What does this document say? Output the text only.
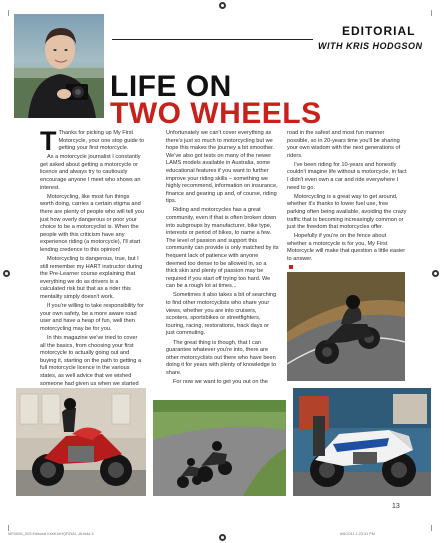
EDITORIAL
WITH KRIS HODGSON
LIFE ON
TWO WHEELS

T Thanks for picking up My First Motorcycle, your one stop guide to getting your first motorcycle.

As a motorcycle journalist I constantly get asked about getting a motorcycle or licence and always try to cautiously encourage anyone I meet who shows an interest.

Motorcycling, like most fun things worth doing, carries a certain stigma and there are plenty of people who will tell you just how overly dangerous or poor your choice to be a motorcyclist is. When the people with this criticism have any experience riding (a motorcycle), I'll start lending credence to this opinion!

Motorcycling is dangerous, true, but I still remember my HART instructor during the Pre-Learner course explaining that everything we do as drivers is a calculated risk but that as a rider this mentality simply doesn't work.

If you're willing to take responsibility for your own safety, be a more aware road user and have a heap of fun, well then motorcycling may be for you.

In this magazine we've tried to cover all the basics, from choosing your first motorcycle to actually going out and buying it, starting on the path to getting a full motorcycle licence in the various states, as well advice that we wished someone had given us when we started

Unfortunately we can't cover everything as there's just so much to motorcycling but we hope this makes the journey a bit smoother. We've also got tests on many of the newer LAMS models available in Australia, some educational features if you want to further improve your riding skills – something we highly recommend, information on insurance, finance and gearing up and, of course, riding tips.

Riding and motorcycles has a great community, even if that is often broken down into subgroups by manufacturer, bike type, interests or period of bikes, to name a few. The level of passion and support this community can provide is only matched by its frequent lack of patience with anyone deemed too dense to be allowed in, so a thick skin and plenty of passion may be required if you start off trying too hard. We can be a rough lot at times...

Sometimes it also takes a bit of searching to find other motorcyclists who share your views, whether you are into cruisers, scooters, sportsbikes or streetfighters, touring, racing, restorations, track days or just commuting.

The great thing is though, that I can guarantee whatever you're into, there are other motorcyclists out there who have been doing it for years with plenty of knowledge to share.

For now we want to get you out on the

road in the safest and most fun manner possible, so in 20-years time you'll be sharing your own wisdom with the next generations of riders.

I've been riding for 10-years and honestly couldn't imagine life without a motorcycle, in fact I didn't even own a car and ride everywhere I need to go.

Motorcycling is a great way to get around, whether it's thanks to lower fuel use, free parking often being available, avoiding the crazy traffic that is becoming increasingly common or just the freedom that motorcycles offer.

Hopefully if you're on the fence about whether a motorcycle is for you, My First Motorcycle will make that question a little easier to answer.

13
MFM001_003 Editorial KrisKJeHQFINAL JA.indd 3	6/6/2011 1:23:31 PM
